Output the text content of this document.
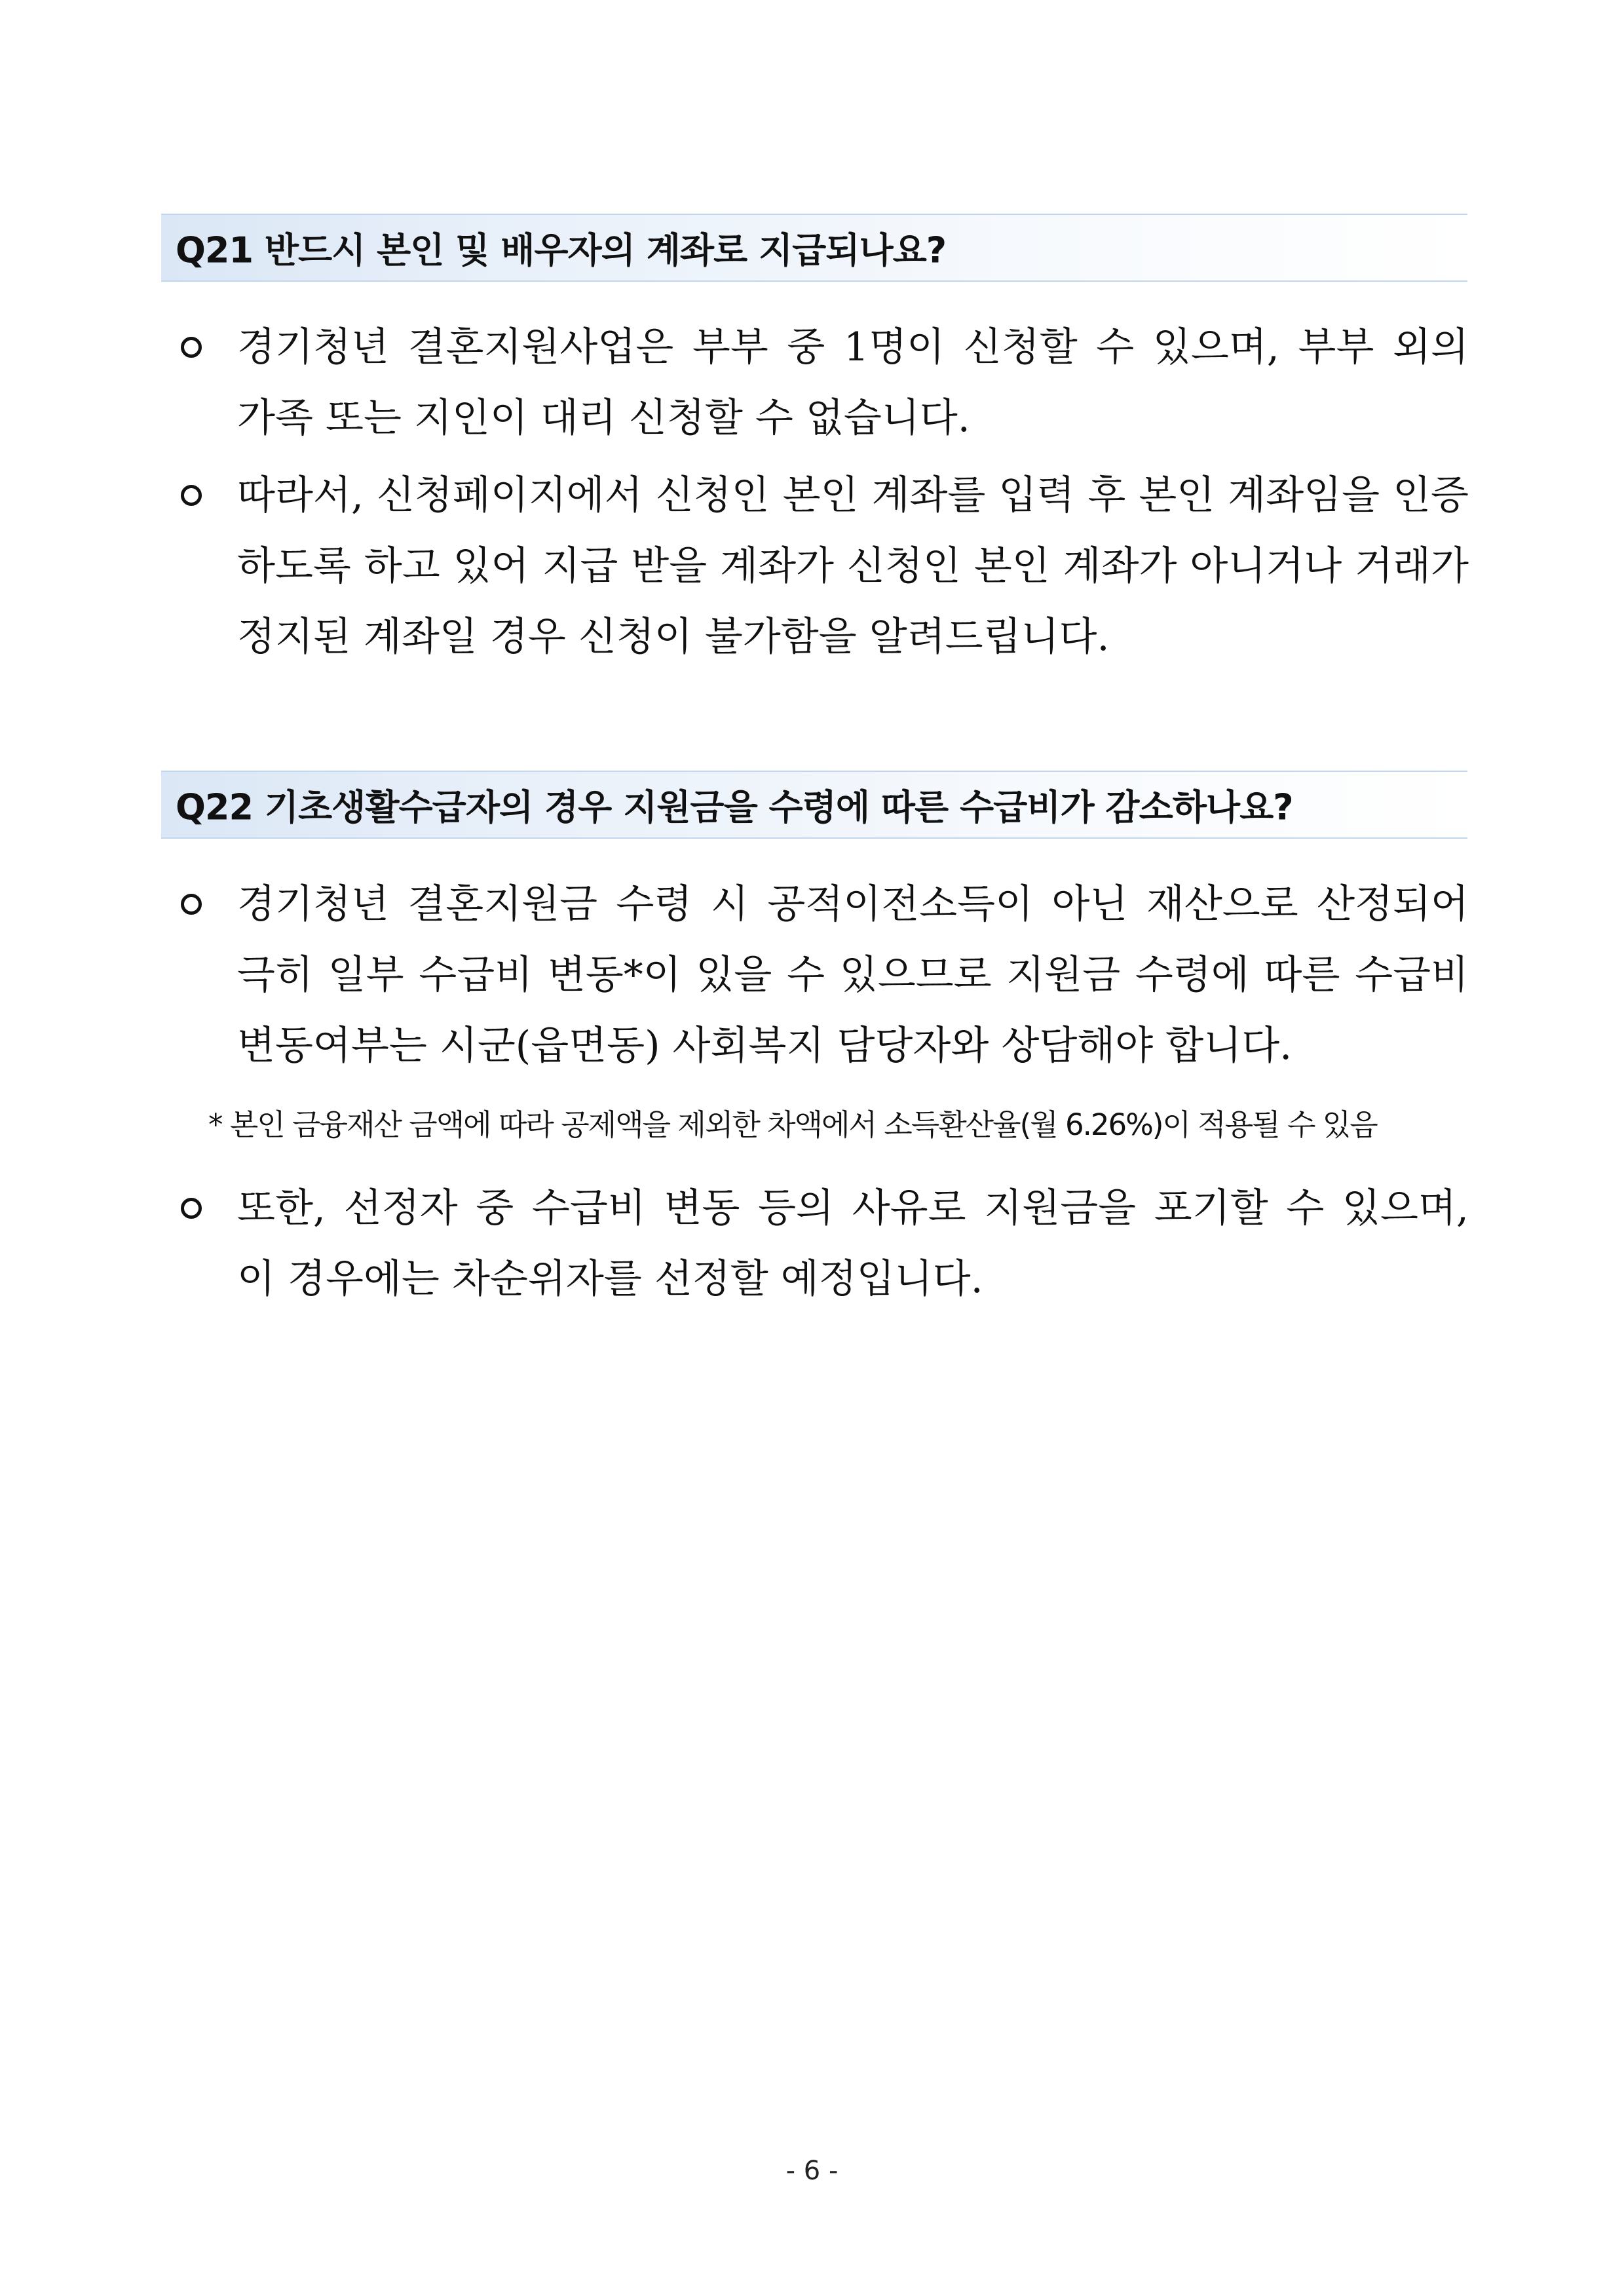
Q21 반드시 본인 및 배우자의 계좌로 지급되나요?
경기청년 결혼지원사업은 부부 중 1명이 신청할 수 있으며, 부부 외의
가족 또는 지인이 대리 신청할 수 없습니다.
따라서, 신청페이지에서 신청인 본인 계좌를 입력 후 본인 계좌임을 인증
하도록 하고 있어 지급 받을 계좌가 신청인 본인 계좌가 아니거나 거래가
정지된 계좌일 경우 신청이 불가함을 알려드립니다.
Q22 기초생활수급자의 경우 지원금을 수령에 따른 수급비가 감소하나요?
경기청년 결혼지원금 수령 시 공적이전소득이 아닌 재산으로 산정되어
극히 일부 수급비 변동*이 있을 수 있으므로 지원금 수령에 따른 수급비
변동여부는 시군(읍면동) 사회복지 담당자와 상담해야 합니다.
* 본인 금융재산 금액에 따라 공제액을 제외한 차액에서 소득환산율(월 6.26%)이 적용될 수 있음
또한, 선정자 중 수급비 변동 등의 사유로 지원금을 포기할 수 있으며,
이 경우에는 차순위자를 선정할 예정입니다.
- 6 -
